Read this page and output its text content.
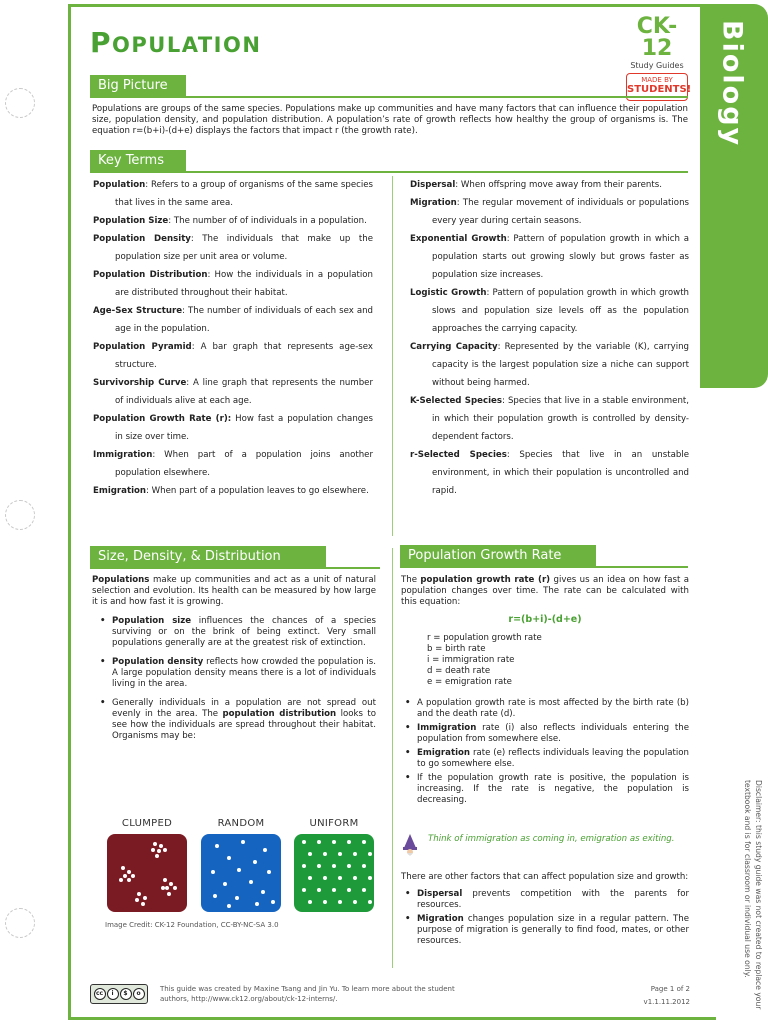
Biology
POPULATION
CK-12
Study Guides
MADE BY
STUDENTS!
Big Picture
Populations are groups of the same species. Populations make up communities and have many factors that can influence their population size, population density, and population distribution. A population’s rate of growth reflects how healthy the group of organisms is. The equation r=(b+i)-(d+e) displays the factors that impact r (the growth rate).
Key Terms
Population: Refers to a group of organisms of the same species that lives in the same area.
Population Size: The number of of individuals in a population.
Population Density: The individuals that make up the population size per unit area or volume.
Population Distribution: How the individuals in a population are distributed throughout their habitat.
Age-Sex Structure: The number of individuals of each sex and age in the population.
Population Pyramid: A bar graph that represents age-sex structure.
Survivorship Curve: A line graph that represents the number of individuals alive at each age.
Population Growth Rate (r): How fast a population changes in size over time.
Immigration: When part of a population joins another population elsewhere.
Emigration: When part of a population leaves to go elsewhere.
Dispersal: When offspring move away from their parents.
Migration: The regular movement of individuals or populations every year during certain seasons.
Exponential Growth: Pattern of population growth in which a population starts out growing slowly but grows faster as population size increases.
Logistic Growth: Pattern of population growth in which growth slows and population size levels off as the population approaches the carrying capacity.
Carrying Capacity: Represented by the variable (K), carrying capacity is the largest population size a niche can support without being harmed.
K-Selected Species: Species that live in a stable environment, in which their population growth is controlled by density-dependent factors.
r-Selected Species: Species that live in an unstable environment, in which their population is uncontrolled and rapid.
Size, Density, & Distribution

Populations make up communities and act as a unit of natural selection and evolution. Its health can be measured by how large it is and how fast it is growing.

• Population size influences the chances of a species surviving or on the brink of being extinct. Very small populations generally are at the greatest risk of extinction.
• Population density reflects how crowded the population is. A large population density means there is a lot of individuals living in the area.
• Generally individuals in a population are not spread out evenly in the area. The population distribution looks to see how the individuals are spread throughout their habitat. Organisms may be:
CLUMPED	RANDOM	UNIFORM
Image Credit: CK-12 Foundation, CC-BY-NC-SA 3.0
Population Growth Rate

The population growth rate (r) gives us an idea on how fast a population changes over time. The rate can be calculated with this equation:

r=(b+i)-(d+e)
r = population growth rate
b = birth rate
i = immigration rate
d = death rate
e = emigration rate
• A population growth rate is most affected by the birth rate (b) and the death rate (d).
• Immigration rate (i) also reflects individuals entering the population from somewhere else.
• Emigration rate (e) reflects individuals leaving the population to go somewhere else.
• If the population growth rate is positive, the population is increasing. If the rate is negative, the population is decreasing.
Think of immigration as coming in, emigration as exiting.

There are other factors that can affect population size and growth:

• Dispersal prevents competition with the parents for resources.
• Migration changes population size in a regular pattern. The purpose of migration is generally to find food, mates, or other resources.	Disclaimer: this study guide was not created to replace your textbook and is for classroom or individual use only.
cc	i	$	o
This guide was created by Maxine Tsang and Jin Yu. To learn more about the student authors, http://www.ck12.org/about/ck-12-interns/.
Page 1 of 2
v1.1.11.2012
